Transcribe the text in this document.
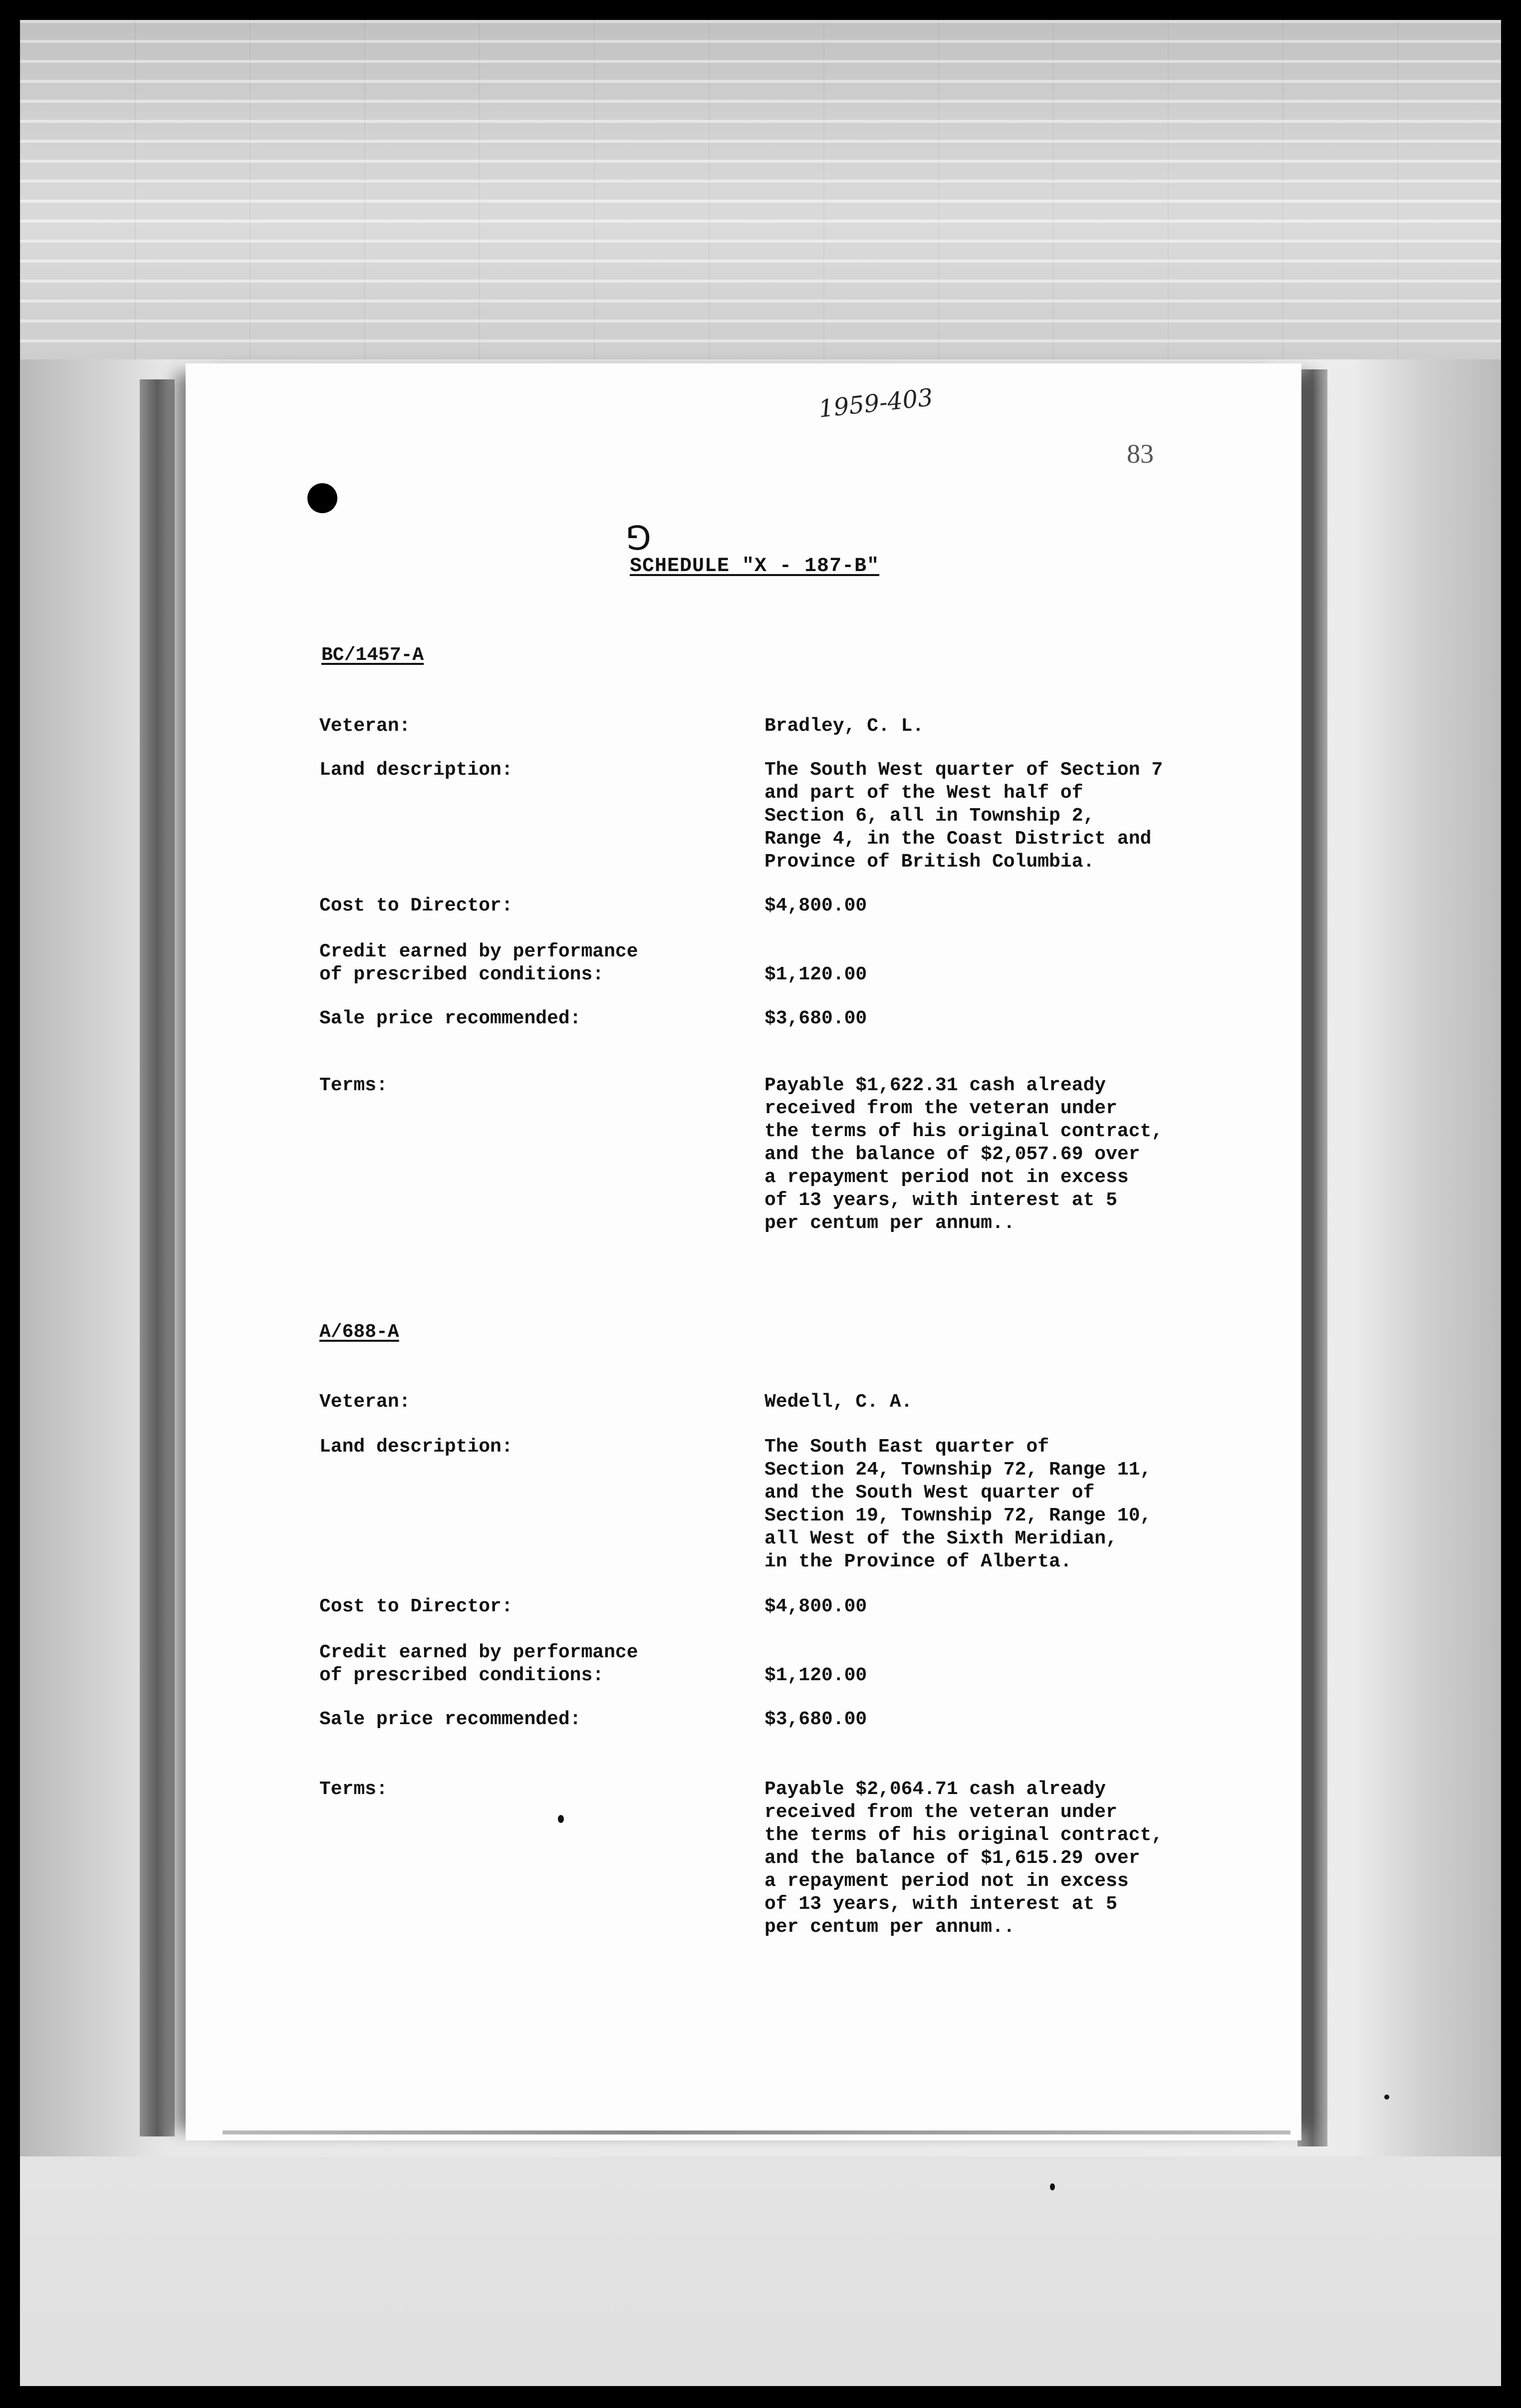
1959-403
83
⅁
SCHEDULE "X - 187-B"
BC/1457-A
Veteran:	Bradley, C. L.
Land description:	The South West quarter of Section 7
and part of the West half of
Section 6, all in Township 2,
Range 4, in the Coast District and
Province of British Columbia.
Cost to Director:	$4,800.00
Credit earned by performance
of prescribed conditions:	$1,120.00
Sale price recommended:	$3,680.00
Terms:	Payable $1,622.31 cash already
received from the veteran under
the terms of his original contract,
and the balance of $2,057.69 over
a repayment period not in excess
of 13 years, with interest at 5
per centum per annum..
A/688-A
Veteran:	Wedell, C. A.
Land description:	The South East quarter of
Section 24, Township 72, Range 11,
and the South West quarter of
Section 19, Township 72, Range 10,
all West of the Sixth Meridian,
in the Province of Alberta.
Cost to Director:	$4,800.00
Credit earned by performance
of prescribed conditions:	$1,120.00
Sale price recommended:	$3,680.00
Terms:	Payable $2,064.71 cash already
received from the veteran under
the terms of his original contract,
and the balance of $1,615.29 over
a repayment period not in excess
of 13 years, with interest at 5
per centum per annum..
